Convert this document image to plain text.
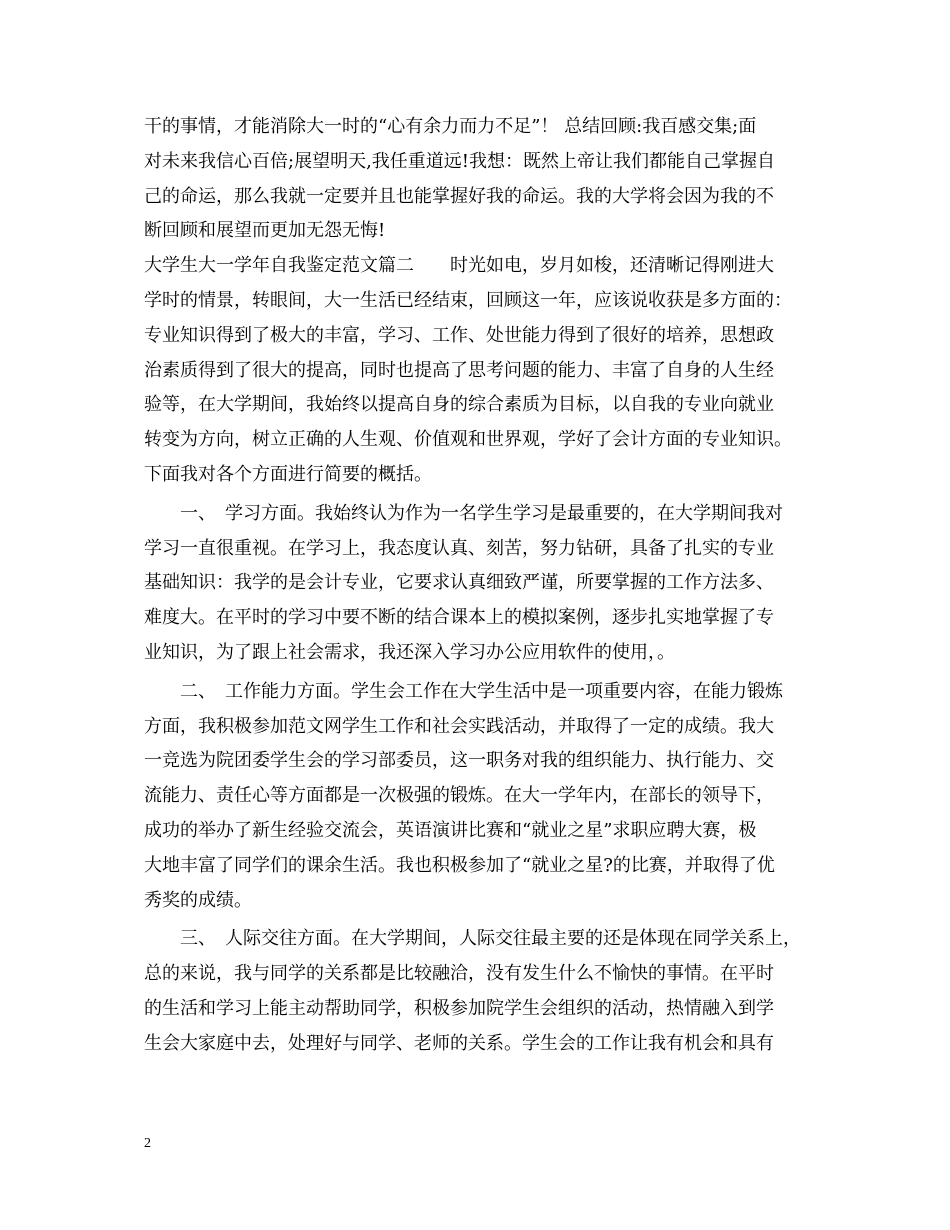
干的事情，才能消除大一时的“心有余力而力不足”！ 总结回顾:我百感交集;面
对未来我信心百倍;展望明天,我任重道远!我想：既然上帝让我们都能自己掌握自
己的命运，那么我就一定要并且也能掌握好我的命运。我的大学将会因为我的不
断回顾和展望而更加无怨无悔!
大学生大一学年自我鉴定范文篇二　　时光如电，岁月如梭，还清晰记得刚进大
学时的情景，转眼间，大一生活已经结束，回顾这一年，应该说收获是多方面的：
专业知识得到了极大的丰富，学习、工作、处世能力得到了很好的培养，思想政
治素质得到了很大的提高，同时也提高了思考问题的能力、丰富了自身的人生经
验等，在大学期间，我始终以提高自身的综合素质为目标，以自我的专业向就业
转变为方向，树立正确的人生观、价值观和世界观，学好了会计方面的专业知识。
下面我对各个方面进行简要的概括。
一、　学习方面。我始终认为作为一名学生学习是最重要的，在大学期间我对
学习一直很重视。在学习上，我态度认真、刻苦，努力钻研，具备了扎实的专业
基础知识：我学的是会计专业，它要求认真细致严谨，所要掌握的工作方法多、
难度大。在平时的学习中要不断的结合课本上的模拟案例，逐步扎实地掌握了专
业知识，为了跟上社会需求，我还深入学习办公应用软件的使用，。
二、　工作能力方面。学生会工作在大学生活中是一项重要内容，在能力锻炼
方面，我积极参加范文网学生工作和社会实践活动，并取得了一定的成绩。我大
一竞选为院团委学生会的学习部委员，这一职务对我的组织能力、执行能力、交
流能力、责任心等方面都是一次极强的锻炼。在大一学年内，在部长的领导下，
成功的举办了新生经验交流会，英语演讲比赛和“就业之星”求职应聘大赛，极
大地丰富了同学们的课余生活。我也积极参加了“就业之星?的比赛，并取得了优
秀奖的成绩。
三、　人际交往方面。在大学期间，人际交往最主要的还是体现在同学关系上，
总的来说，我与同学的关系都是比较融洽，没有发生什么不愉快的事情。在平时
的生活和学习上能主动帮助同学，积极参加院学生会组织的活动，热情融入到学
生会大家庭中去，处理好与同学、老师的关系。学生会的工作让我有机会和具有
2
